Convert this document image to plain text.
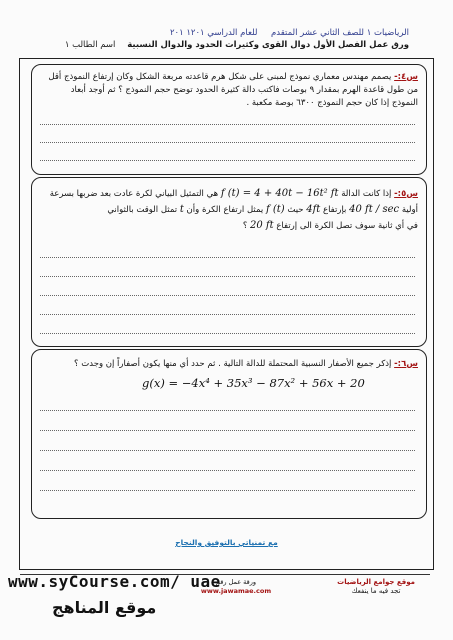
الرياضيات ١ للصف الثاني عشر المتقدم     للعام الدراسي ١٢٠١ ٢٠١
ورق عمل الفصل الأول دوال القوى وكثيرات الحدود والدوال النسبية    اسم الطالب ١
س٤:- يصمم مهندس معماري نموذج لمبنى على شكل هرم قاعدته مربعة الشكل وكان إرتفاع النموذج أقل من طول قاعدة الهرم بمقدار ٩ بوصات فاكتب دالة كثيرة الحدود توضح حجم النموذج ؟ ثم أوجد أبعاد النموذج إذا كان حجم النموذج ٦٣٠٠ بوصة مكعبة .
س٥:- إذا كانت الدالة f (t) = 4 + 40t − 16t² ft هي التمثيل البياني لكرة عادت بعد ضربها بسرعة أولية 40 ft / sec بإرتفاع 4ft حيث f (t) يمثل ارتفاع الكرة وأن t تمثل الوقت بالثواني
في أي ثانية سوف تصل الكرة الى إرتفاع 20 ft ؟
س٦:- إذكر جميع الأصفار النسبية المحتملة للدالة التالية . ثم حدد أي منها يكون أصفاراً إن وجدت ؟
g(x) = −4x⁴ + 35x³ − 87x² + 56x + 20
مع تمنياتي بالتوفيق والنجاح
موقع جوامع الرياضيات
تجد فيه ما ينفعك
ورقة عمل رقم
www.jawamae.com
www.syCourse.com/ uae
موقع المناهج
